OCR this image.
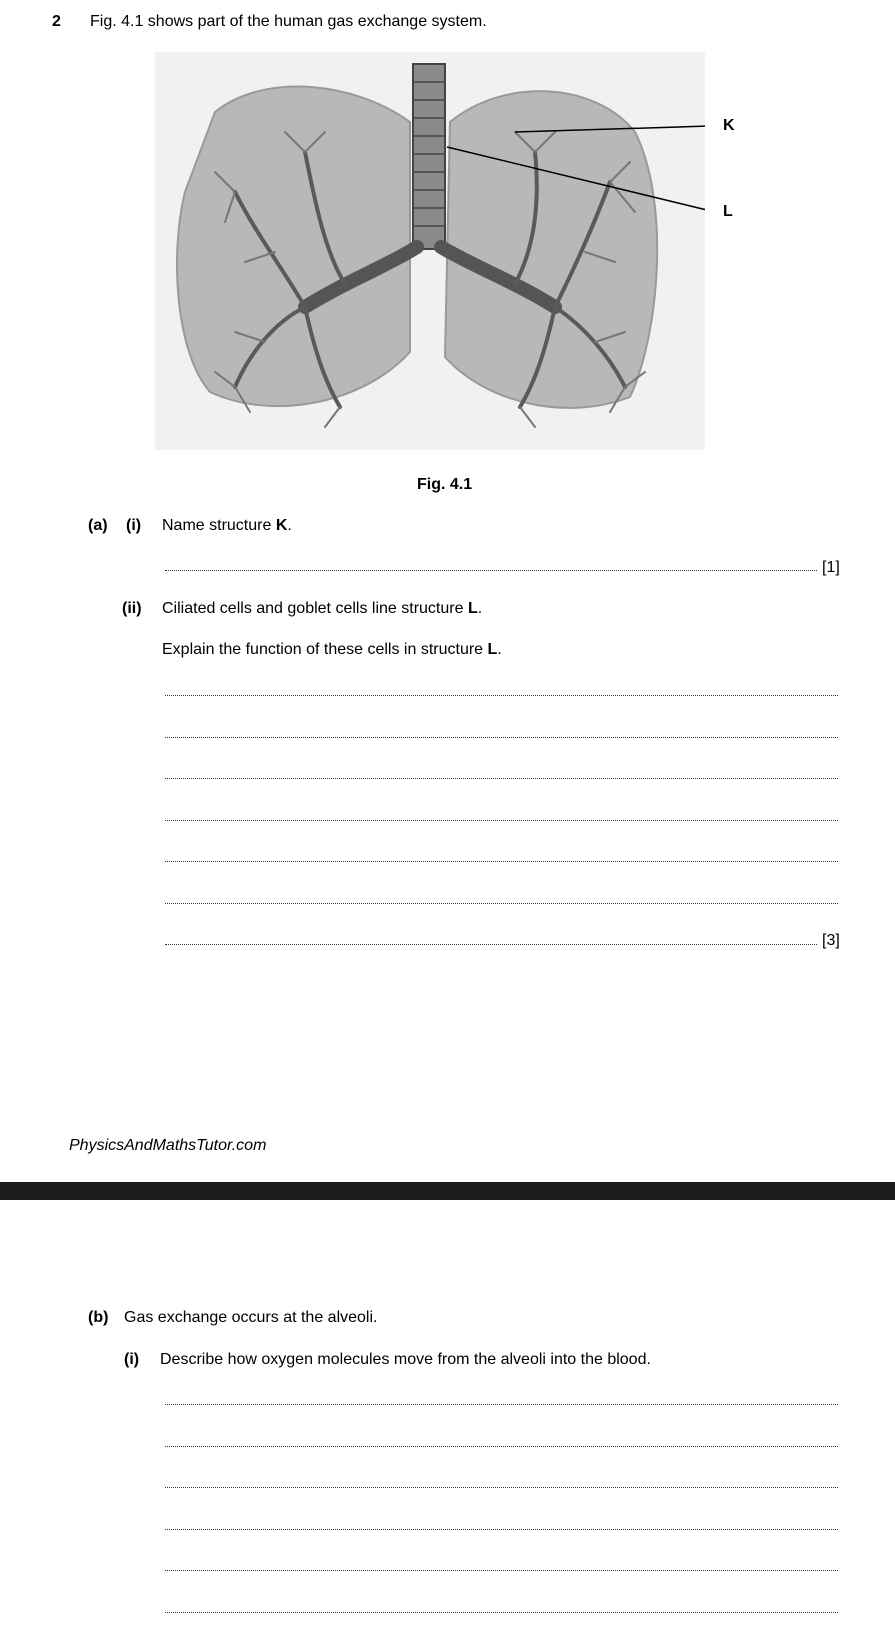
2 Fig. 4.1 shows part of the human gas exchange system.
K
L
Fig. 4.1
(a) (i) Name structure K.
[1]
(ii) Ciliated cells and goblet cells line structure L.
Explain the function of these cells in structure L.
[3]
PhysicsAndMathsTutor.com
(b) Gas exchange occurs at the alveoli.
(i) Describe how oxygen molecules move from the alveoli into the blood.
